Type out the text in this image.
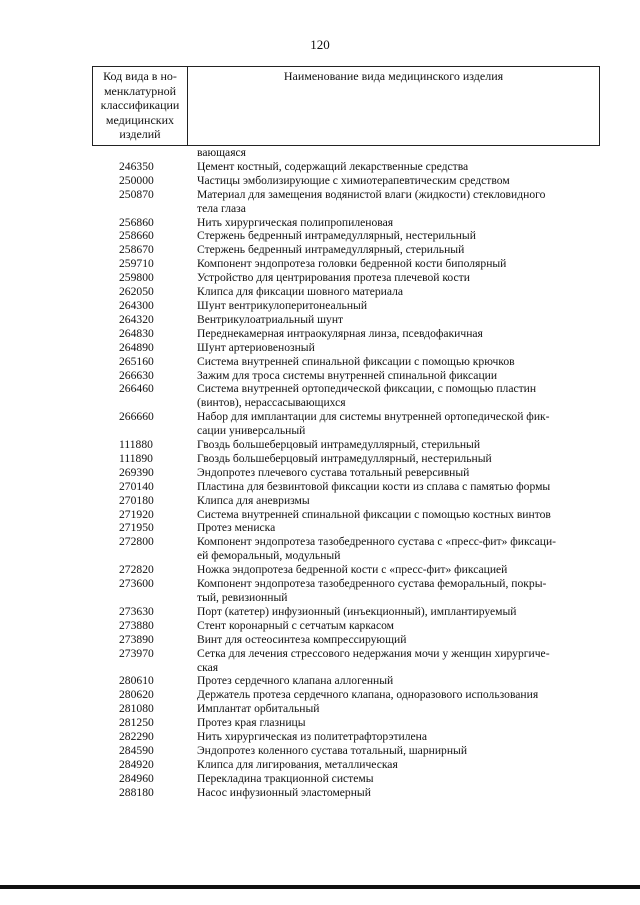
120
Код вида в но-
менклатурной
классификации
медицинских
изделий
Наименование вида медицинского изделия
вающаяся
246350	Цемент костный, содержащий лекарственные средства
250000	Частицы эмболизирующие с химиотерапевтическим средством
250870	Материал для замещения водянистой влаги (жидкости) стекловидного
тела глаза
256860	Нить хирургическая полипропиленовая
258660	Стержень бедренный интрамедуллярный, нестерильный
258670	Стержень бедренный интрамедуллярный, стерильный
259710	Компонент эндопротеза головки бедренной кости биполярный
259800	Устройство для центрирования протеза плечевой кости
262050	Клипса для фиксации шовного материала
264300	Шунт вентрикулоперитонеальный
264320	Вентрикулоатриальный шунт
264830	Переднекамерная интраокулярная линза, псевдофакичная
264890	Шунт артериовенозный
265160	Система внутренней спинальной фиксации с помощью крючков
266630	Зажим для троса системы внутренней спинальной фиксации
266460	Система внутренней ортопедической фиксации, с помощью пластин
(винтов), нерассасывающихся
266660	Набор для имплантации для системы внутренней ортопедической фик-
сации универсальный
111880	Гвоздь большеберцовый интрамедуллярный, стерильный
111890	Гвоздь большеберцовый интрамедуллярный, нестерильный
269390	Эндопротез плечевого сустава тотальный реверсивный
270140	Пластина для безвинтовой фиксации кости из сплава с памятью формы
270180	Клипса для аневризмы
271920	Система внутренней спинальной фиксации с помощью костных винтов
271950	Протез мениска
272800	Компонент эндопротеза тазобедренного сустава с «пресс-фит» фиксаци-
ей феморальный, модульный
272820	Ножка эндопротеза бедренной кости с «пресс-фит» фиксацией
273600	Компонент эндопротеза тазобедренного сустава феморальный, покры-
тый, ревизионный
273630	Порт (катетер) инфузионный (инъекционный), имплантируемый
273880	Стент коронарный с сетчатым каркасом
273890	Винт для остеосинтеза компрессирующий
273970	Сетка для лечения стрессового недержания мочи у женщин хирургиче-
ская
280610	Протез сердечного клапана аллогенный
280620	Держатель протеза сердечного клапана, одноразового использования
281080	Имплантат орбитальный
281250	Протез края глазницы
282290	Нить хирургическая из политетрафторэтилена
284590	Эндопротез коленного сустава тотальный, шарнирный
284920	Клипса для лигирования, металлическая
284960	Перекладина тракционной системы
288180	Насос инфузионный эластомерный
